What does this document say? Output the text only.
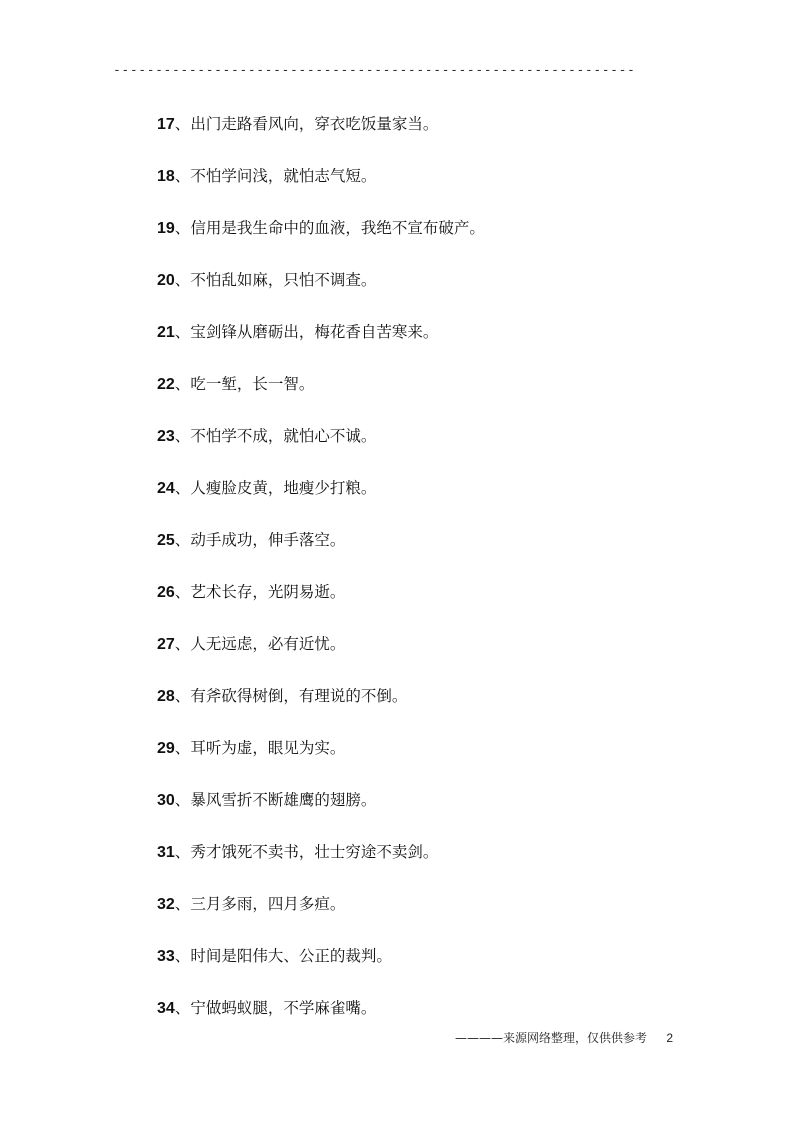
--------------------------------------------------------------
17、出门走路看风向，穿衣吃饭量家当。
18、不怕学问浅，就怕志气短。
19、信用是我生命中的血液，我绝不宣布破产。
20、不怕乱如麻，只怕不调查。
21、宝剑锋从磨砺出，梅花香自苦寒来。
22、吃一堑，长一智。
23、不怕学不成，就怕心不诚。
24、人瘦脸皮黄，地瘦少打粮。
25、动手成功，伸手落空。
26、艺术长存，光阴易逝。
27、人无远虑，必有近忧。
28、有斧砍得树倒，有理说的不倒。
29、耳听为虚，眼见为实。
30、暴风雪折不断雄鹰的翅膀。
31、秀才饿死不卖书，壮士穷途不卖剑。
32、三月多雨，四月多疸。
33、时间是阳伟大、公正的裁判。
34、宁做蚂蚁腿，不学麻雀嘴。
————来源网络整理，仅供供参考 2
